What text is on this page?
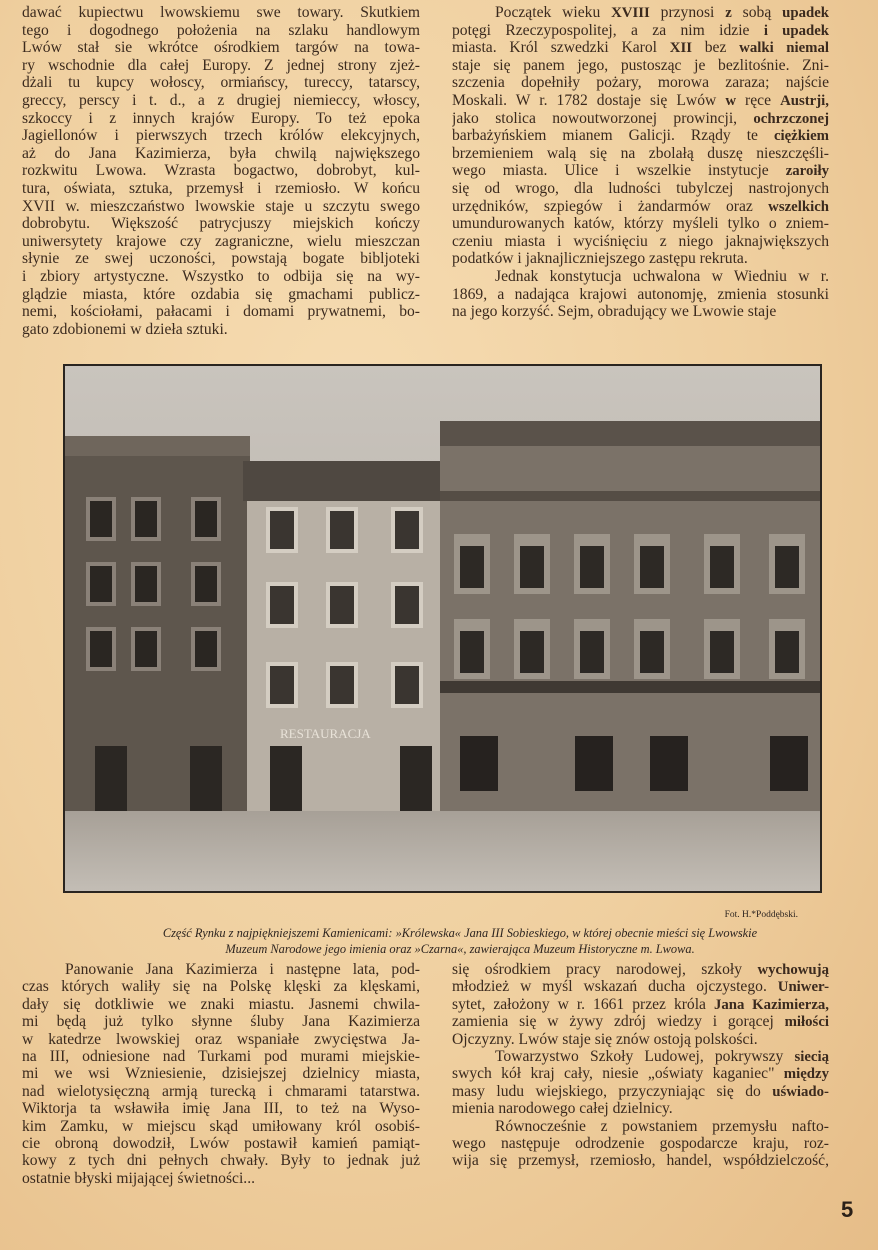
dawać kupiectwu lwowskiemu swe towary. Skutkiem
tego i dogodnego położenia na szlaku handlowym
Lwów stał sie wkrótce ośrodkiem targów na towa-
ry wschodnie dla całej Europy. Z jednej strony zjeż-
dżali tu kupcy wołoscy, ormiańscy, tureccy, tatarscy,
greccy, perscy i t. d., a z drugiej niemieccy, włoscy,
szkoccy i z innych krajów Europy. To też epoka
Jagiellonów i pierwszych trzech królów elekcyjnych,
aż do Jana Kazimierza, była chwilą największego
rozkwitu Lwowa. Wzrasta bogactwo, dobrobyt, kul-
tura, oświata, sztuka, przemysł i rzemiosło. W końcu
XVII w. mieszczaństwo lwowskie staje u szczytu swego
dobrobytu. Większość patrycjuszy miejskich kończy
uniwersytety krajowe czy zagraniczne, wielu mieszczan
słynie ze swej uczoności, powstają bogate bibljoteki
i zbiory artystyczne. Wszystko to odbija się na wy-
glądzie miasta, które ozdabia się gmachami publicz-
nemi, kościołami, pałacami i domami prywatnemi, bo-
gato zdobionemi w dzieła sztuki.
Początek wieku XVIII przynosi z sobą upadek
potęgi Rzeczypospolitej, a za nim idzie i upadek
miasta. Król szwedzki Karol XII bez walki niemal
staje się panem jego, pustosząc je bezlitośnie. Zni-
szczenia dopełniły pożary, morowa zaraza; najście
Moskali. W r. 1782 dostaje się Lwów w ręce Austrji,
jako stolica nowoutworzonej prowincji, ochrzczonej
barbażyńskiem mianem Galicji. Rządy te ciężkiem
brzemieniem walą się na zbolałą duszę nieszczęśli-
wego miasta. Ulice i wszelkie instytucje zaroiły
się od wrogo, dla ludności tubylczej nastrojonych
urzędników, szpiegów i żandarmów oraz wszelkich
umundurowanych katów, którzy myśleli tylko o zniem-
czeniu miasta i wyciśnięciu z niego jaknajwiększych
podatków i jaknajliczniejszego zastępu rekruta.
Jednak konstytucja uchwalona w Wiedniu w r.
1869, a nadająca krajowi autonomję, zmienia stosunki
na jego korzyść. Sejm, obradujący we Lwowie staje
RESTAURACJA
Fot. H.*Poddębski.
Część Rynku z najpiękniejszemi Kamienicami: »Królewska« Jana III Sobieskiego, w której obecnie mieści się Lwowskie
Muzeum Narodowe jego imienia oraz »Czarna«, zawierająca Muzeum Historyczne m. Lwowa.
Panowanie Jana Kazimierza i następne lata, pod-
czas których waliły się na Polskę klęski za klęskami,
dały się dotkliwie we znaki miastu. Jasnemi chwila-
mi będą już tylko słynne śluby Jana Kazimierza
w katedrze lwowskiej oraz wspaniałe zwycięstwa Ja-
na III, odniesione nad Turkami pod murami miejskie-
mi we wsi Wzniesienie, dzisiejszej dzielnicy miasta,
nad wielotysięczną armją turecką i chmarami tatarstwa.
Wiktorja ta wsławiła imię Jana III, to też na Wyso-
kim Zamku, w miejscu skąd umiłowany król osobiś-
cie obroną dowodził, Lwów postawił kamień pamiąt-
kowy z tych dni pełnych chwały. Były to jednak już
ostatnie błyski mijającej świetności...
się ośrodkiem pracy narodowej, szkoły wychowują
młodzież w myśl wskazań ducha ojczystego. Uniwer-
sytet, założony w r. 1661 przez króla Jana Kazimierza,
zamienia się w żywy zdrój wiedzy i gorącej miłości
Ojczyzny. Lwów staje się znów ostoją polskości.
Towarzystwo Szkoły Ludowej, pokrywszy siecią
swych kół kraj cały, niesie „oświaty kaganiec" między
masy ludu wiejskiego, przyczyniając się do uświado-
mienia narodowego całej dzielnicy.
Równocześnie z powstaniem przemysłu nafto-
wego następuje odrodzenie gospodarcze kraju, roz-
wija się przemysł, rzemiosło, handel, współdzielczość,
5
